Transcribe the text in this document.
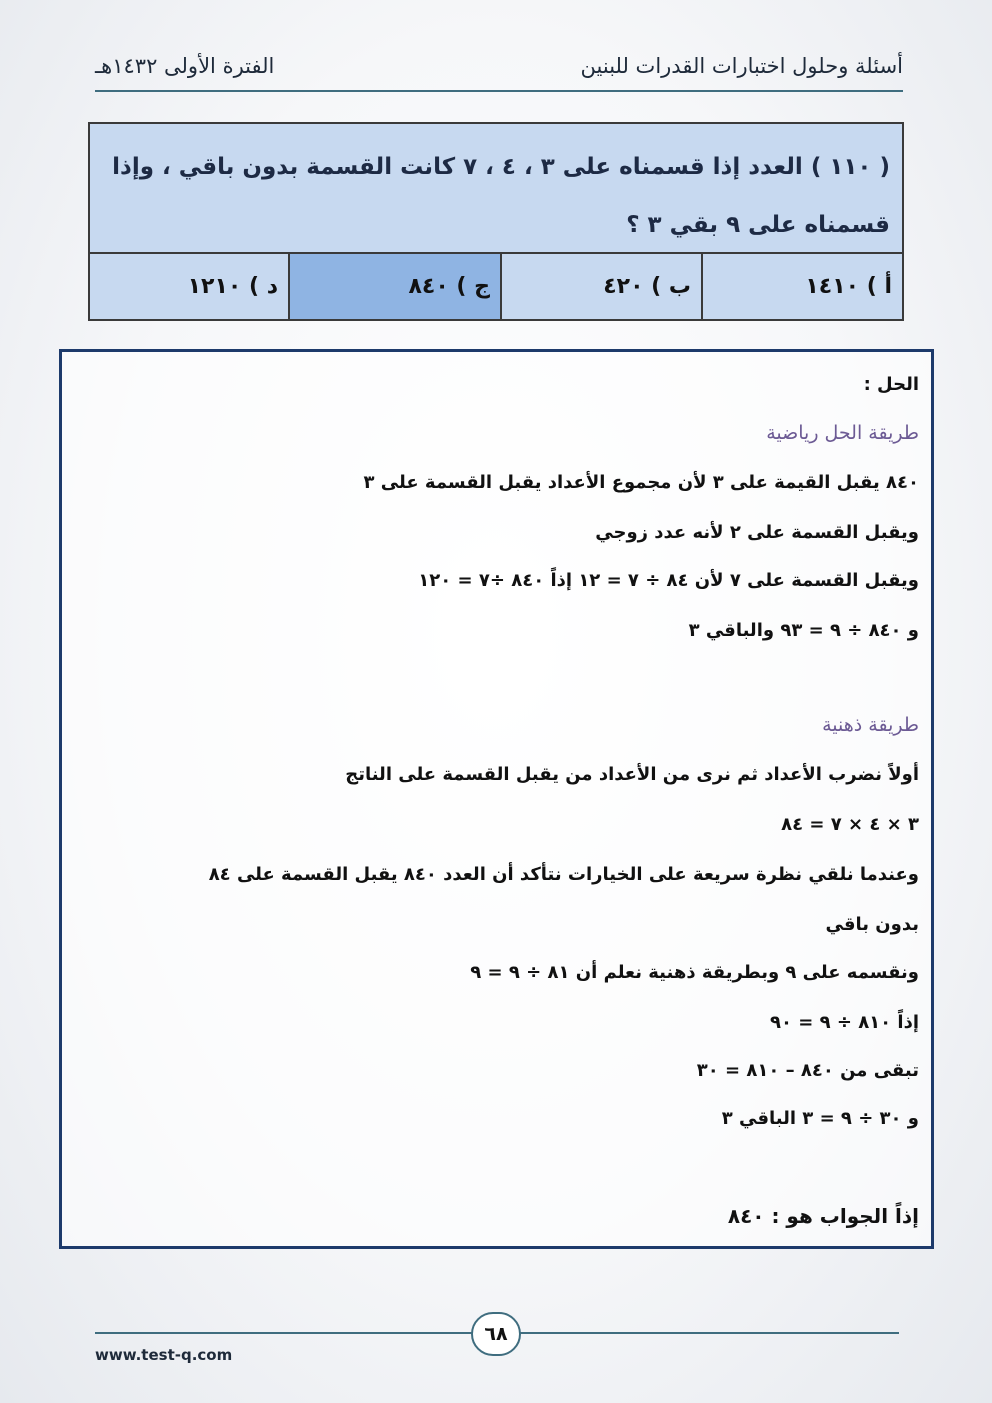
أسئلة وحلول اختبارات القدرات للبنين
الفترة الأولى ١٤٣٢هـ
( ١١٠ ) العدد إذا قسمناه على ٣ ، ٤ ، ٧ كانت القسمة بدون باقي ، وإذا
قسمناه على ٩ بقي ٣ ؟
أ ) ١٤١٠
ب ) ٤٢٠
ج ) ٨٤٠
د ) ١٢١٠
الحل :
طريقة الحل رياضية
٨٤٠ يقبل القيمة على ٣ لأن مجموع الأعداد يقبل القسمة على ٣
ويقبل القسمة على ٢ لأنه عدد زوجي
ويقبل القسمة على ٧ لأن ٨٤ ÷ ٧ = ١٢ إذاً ٨٤٠ ÷٧ = ١٢٠
و ٨٤٠ ÷ ٩ = ٩٣ والباقي ٣
طريقة ذهنية
أولاً نضرب الأعداد ثم نرى من الأعداد من يقبل القسمة على الناتج
٣ × ٤ × ٧ = ٨٤
وعندما نلقي نظرة سريعة على الخيارات نتأكد أن العدد ٨٤٠ يقبل القسمة على ٨٤
بدون باقي
ونقسمه على ٩ وبطريقة ذهنية نعلم أن ٨١ ÷ ٩ = ٩
إذاً ٨١٠ ÷ ٩ = ٩٠
تبقى من ٨٤٠ – ٨١٠ = ٣٠
و ٣٠ ÷ ٩ = ٣ الباقي ٣
إذاً الجواب هو : ٨٤٠
٦٨
www.test-q.com
